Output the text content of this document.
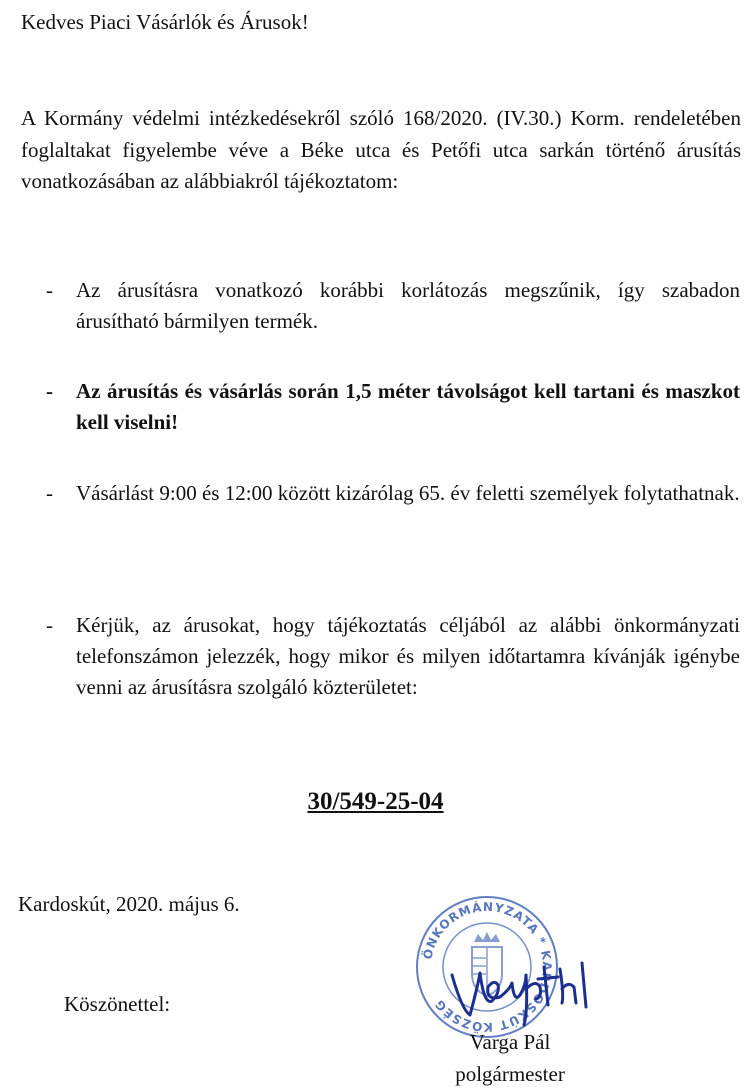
Kedves Piaci Vásárlók és Árusok!
A Kormány védelmi intézkedésekről szóló 168/2020. (IV.30.) Korm. rendeletében foglaltakat figyelembe véve a Béke utca és Petőfi utca sarkán történő árusítás vonatkozásában az alábbiakról tájékoztatom:
- Az árusításra vonatkozó korábbi korlátozás megszűnik, így szabadon árusítható bármilyen termék.
- Az árusítás és vásárlás során 1,5 méter távolságot kell tartani és maszkot kell viselni!
- Vásárlást 9:00 és 12:00 között kizárólag 65. év feletti személyek folytathatnak.
- Kérjük, az árusokat, hogy tájékoztatás céljából az alábbi önkormányzati telefonszámon jelezzék, hogy mikor és milyen időtartamra kívánják igénybe venni az árusításra szolgáló közterületet:
30/549-25-04
Kardoskút, 2020. május 6.
Köszönettel:
ÖNKORMÁNYZATA * KARDOSKÚT KÖZSÉG
Varga Pál
polgármester
